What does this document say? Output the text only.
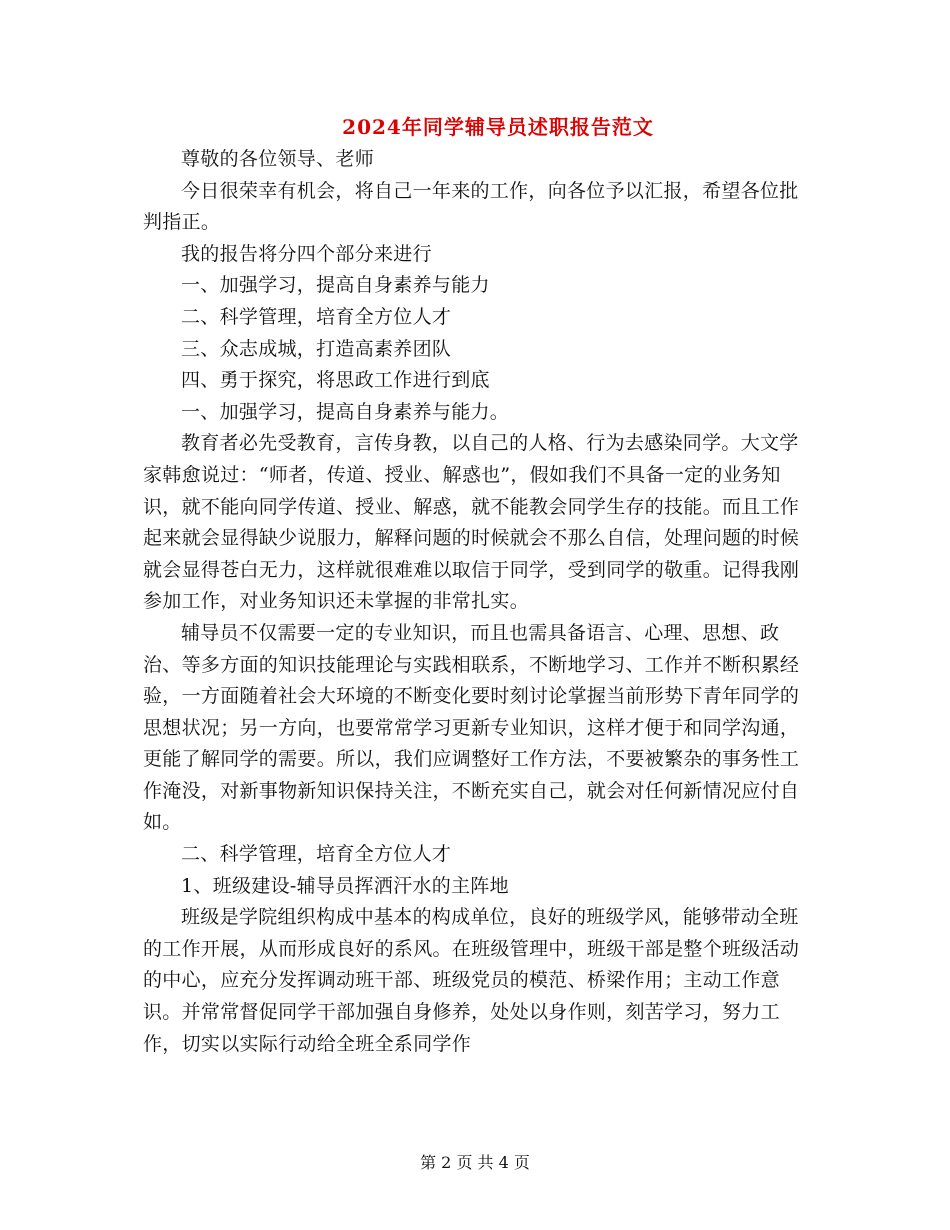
2024年同学辅导员述职报告范文

尊敬的各位领导、老师

今日很荣幸有机会，将自己一年来的工作，向各位予以汇报，希望各位批判指正。

我的报告将分四个部分来进行

一、加强学习，提高自身素养与能力

二、科学管理，培育全方位人才

三、众志成城，打造高素养团队

四、勇于探究，将思政工作进行到底

一、加强学习，提高自身素养与能力。

教育者必先受教育，言传身教，以自己的人格、行为去感染同学。大文学家韩愈说过：“师者，传道、授业、解惑也”，假如我们不具备一定的业务知识，就不能向同学传道、授业、解惑，就不能教会同学生存的技能。而且工作起来就会显得缺少说服力，解释问题的时候就会不那么自信，处理问题的时候就会显得苍白无力，这样就很难难以取信于同学，受到同学的敬重。记得我刚参加工作，对业务知识还未掌握的非常扎实。

辅导员不仅需要一定的专业知识，而且也需具备语言、心理、思想、政治、等多方面的知识技能理论与实践相联系，不断地学习、工作并不断积累经验，一方面随着社会大环境的不断变化要时刻讨论掌握当前形势下青年同学的思想状况；另一方向，也要常常学习更新专业知识，这样才便于和同学沟通，更能了解同学的需要。所以，我们应调整好工作方法，不要被繁杂的事务性工作淹没，对新事物新知识保持关注，不断充实自己，就会对任何新情况应付自如。

二、科学管理，培育全方位人才

1、班级建设-辅导员挥洒汗水的主阵地

班级是学院组织构成中基本的构成单位，良好的班级学风，能够带动全班的工作开展，从而形成良好的系风。在班级管理中，班级干部是整个班级活动的中心，应充分发挥调动班干部、班级党员的模范、桥梁作用；主动工作意识。并常常督促同学干部加强自身修养，处处以身作则，刻苦学习，努力工作，切实以实际行动给全班全系同学作

第 2 页 共 4 页
